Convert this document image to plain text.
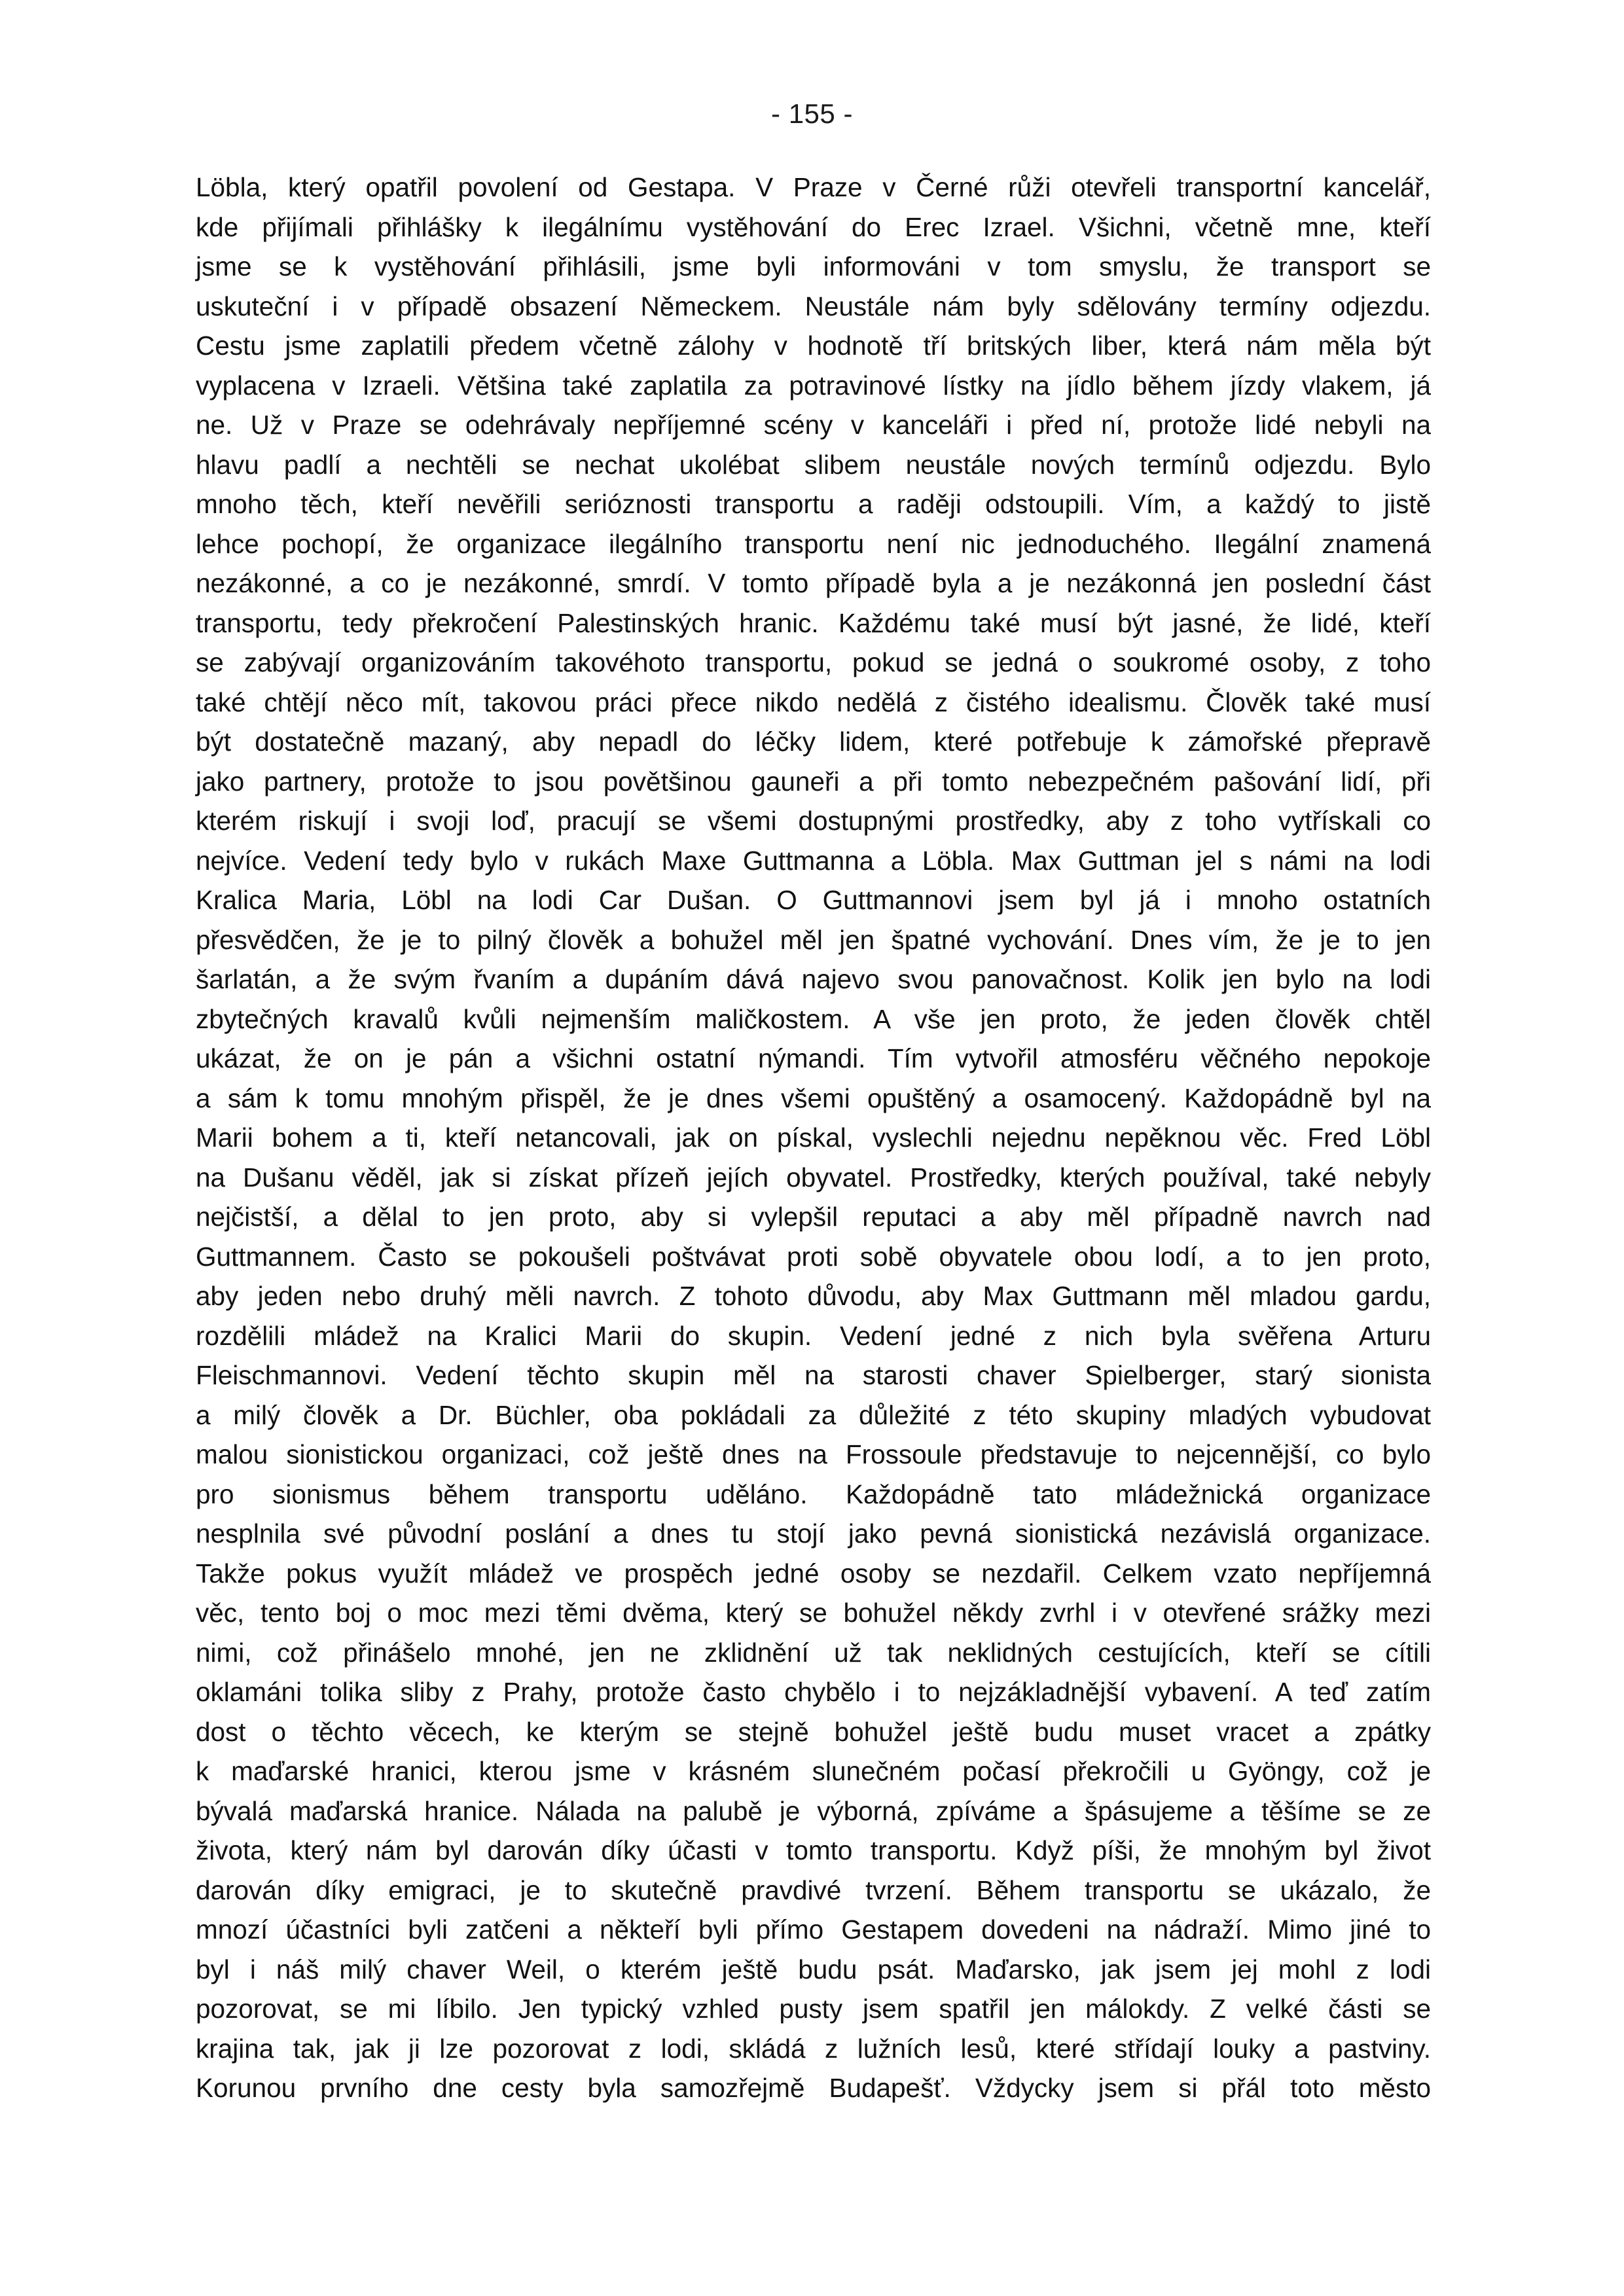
- 155 -
Löbla, který opatřil povolení od Gestapa. V Praze v Černé růži otevřeli transportní kancelář,
kde přijímali přihlášky k ilegálnímu vystěhování do Erec Izrael. Všichni, včetně mne, kteří
jsme se k vystěhování přihlásili, jsme byli informováni v tom smyslu, že transport se
uskuteční i v případě obsazení Německem. Neustále nám byly sdělovány termíny odjezdu.
Cestu jsme zaplatili předem včetně zálohy v hodnotě tří britských liber, která nám měla být
vyplacena v Izraeli. Většina také zaplatila za potravinové lístky na jídlo během jízdy vlakem, já
ne. Už v Praze se odehrávaly nepříjemné scény v kanceláři i před ní, protože lidé nebyli na
hlavu padlí a nechtěli se nechat ukolébat slibem neustále nových termínů odjezdu. Bylo
mnoho těch, kteří nevěřili serióznosti transportu a raději odstoupili. Vím, a každý to jistě
lehce pochopí, že organizace ilegálního transportu není nic jednoduchého. Ilegální znamená
nezákonné, a co je nezákonné, smrdí. V tomto případě byla a je nezákonná jen poslední část
transportu, tedy překročení Palestinských hranic. Každému také musí být jasné, že lidé, kteří
se zabývají organizováním takovéhoto transportu, pokud se jedná o soukromé osoby, z toho
také chtějí něco mít, takovou práci přece nikdo nedělá z čistého idealismu. Člověk také musí
být dostatečně mazaný, aby nepadl do léčky lidem, které potřebuje k zámořské přepravě
jako partnery, protože to jsou povětšinou gauneři a při tomto nebezpečném pašování lidí, při
kterém riskují i svoji loď, pracují se všemi dostupnými prostředky, aby z toho vytřískali co
nejvíce. Vedení tedy bylo v rukách Maxe Guttmanna a Löbla. Max Guttman jel s námi na lodi
Kralica Maria, Löbl na lodi Car Dušan. O Guttmannovi jsem byl já i mnoho ostatních
přesvědčen, že je to pilný člověk a bohužel měl jen špatné vychování. Dnes vím, že je to jen
šarlatán, a že svým řvaním a dupáním dává najevo svou panovačnost. Kolik jen bylo na lodi
zbytečných kravalů kvůli nejmenším maličkostem. A vše jen proto, že jeden člověk chtěl
ukázat, že on je pán a všichni ostatní nýmandi. Tím vytvořil atmosféru věčného nepokoje
a sám k tomu mnohým přispěl, že je dnes všemi opuštěný a osamocený. Každopádně byl na
Marii bohem a ti, kteří netancovali, jak on pískal, vyslechli nejednu nepěknou věc. Fred Löbl
na Dušanu věděl, jak si získat přízeň jejích obyvatel. Prostředky, kterých používal, také nebyly
nejčistší, a dělal to jen proto, aby si vylepšil reputaci a aby měl případně navrch nad
Guttmannem. Často se pokoušeli poštvávat proti sobě obyvatele obou lodí, a to jen proto,
aby jeden nebo druhý měli navrch. Z tohoto důvodu, aby Max Guttmann měl mladou gardu,
rozdělili mládež na Kralici Marii do skupin. Vedení jedné z nich byla svěřena Arturu
Fleischmannovi. Vedení těchto skupin měl na starosti chaver Spielberger, starý sionista
a milý člověk a Dr. Büchler, oba pokládali za důležité z této skupiny mladých vybudovat
malou sionistickou organizaci, což ještě dnes na Frossoule představuje to nejcennější, co bylo
pro sionismus během transportu uděláno. Každopádně tato mládežnická organizace
nesplnila své původní poslání a dnes tu stojí jako pevná sionistická nezávislá organizace.
Takže pokus využít mládež ve prospěch jedné osoby se nezdařil. Celkem vzato nepříjemná
věc, tento boj o moc mezi těmi dvěma, který se bohužel někdy zvrhl i v otevřené srážky mezi
nimi, což přinášelo mnohé, jen ne zklidnění už tak neklidných cestujících, kteří se cítili
oklamáni tolika sliby z Prahy, protože často chybělo i to nejzákladnější vybavení. A teď zatím
dost o těchto věcech, ke kterým se stejně bohužel ještě budu muset vracet a zpátky
k maďarské hranici, kterou jsme v krásném slunečném počasí překročili u Gyöngy, což je
bývalá maďarská hranice. Nálada na palubě je výborná, zpíváme a špásujeme a těšíme se ze
života, který nám byl darován díky účasti v tomto transportu. Když píši, že mnohým byl život
darován díky emigraci, je to skutečně pravdivé tvrzení. Během transportu se ukázalo, že
mnozí účastníci byli zatčeni a někteří byli přímo Gestapem dovedeni na nádraží. Mimo jiné to
byl i náš milý chaver Weil, o kterém ještě budu psát. Maďarsko, jak jsem jej mohl z lodi
pozorovat, se mi líbilo. Jen typický vzhled pusty jsem spatřil jen málokdy. Z velké části se
krajina tak, jak ji lze pozorovat z lodi, skládá z lužních lesů, které střídají louky a pastviny.
Korunou prvního dne cesty byla samozřejmě Budapešť. Vždycky jsem si přál toto město
